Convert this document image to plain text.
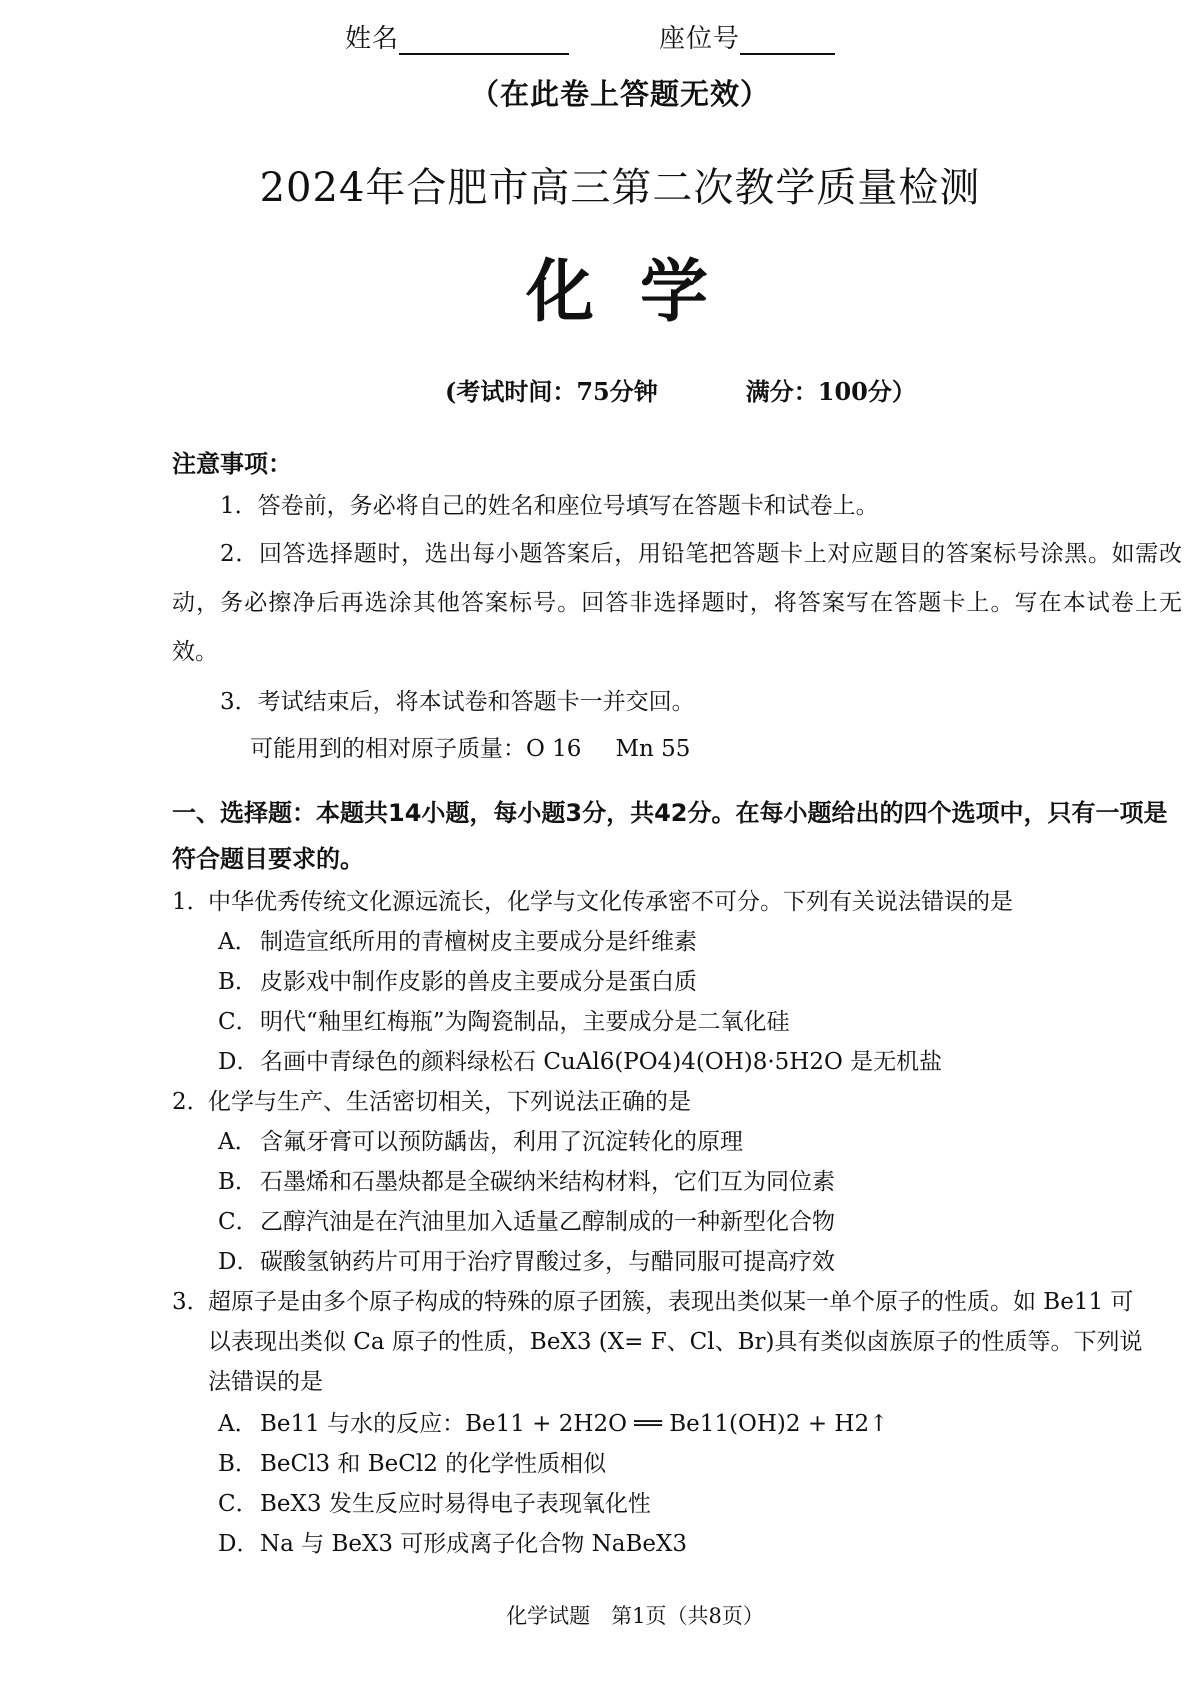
姓名	座位号
（在此卷上答题无效）
2024年合肥市高三第二次教学质量检测
化学
(考试时间：75分钟	满分：100分）
注意事项：
1．答卷前，务必将自己的姓名和座位号填写在答题卡和试卷上。
2．回答选择题时，选出每小题答案后，用铅笔把答题卡上对应题目的答案标号涂黑。如需改动，务必擦净后再选涂其他答案标号。回答非选择题时，将答案写在答题卡上。写在本试卷上无效。
3．考试结束后，将本试卷和答题卡一并交回。
可能用到的相对原子质量：O 16 Mn 55
一、选择题：本题共14小题，每小题3分，共42分。在每小题给出的四个选项中，只有一项是符合题目要求的。
1．中华优秀传统文化源远流长，化学与文化传承密不可分。下列有关说法错误的是
A． 制造宣纸所用的青檀树皮主要成分是纤维素
B．皮影戏中制作皮影的兽皮主要成分是蛋白质
C．明代“釉里红梅瓶”为陶瓷制品，主要成分是二氧化硅
D．名画中青绿色的颜料绿松石 CuAl6(PO4)4(OH)8·5H2O 是无机盐
2．化学与生产、生活密切相关，下列说法正确的是
A． 含氟牙膏可以预防龋齿，利用了沉淀转化的原理
B．石墨烯和石墨炔都是全碳纳米结构材料，它们互为同位素
C．乙醇汽油是在汽油里加入适量乙醇制成的一种新型化合物
D．碳酸氢钠药片可用于治疗胃酸过多，与醋同服可提高疗效
3．超原子是由多个原子构成的特殊的原子团簇，表现出类似某一单个原子的性质。如 Be11 可
以表现出类似 Ca 原子的性质，BeX3 (X= F、Cl、Br)具有类似卤族原子的性质等。下列说
法错误的是
A． Be11 与水的反应：Be11 + 2H2O ══ Be11(OH)2 + H2↑
B．BeCl3 和 BeCl2 的化学性质相似
C．BeX3 发生反应时易得电子表现氧化性
化学试题　第1页（共8页）
D．Na 与 BeX3 可形成离子化合物 NaBeX3
